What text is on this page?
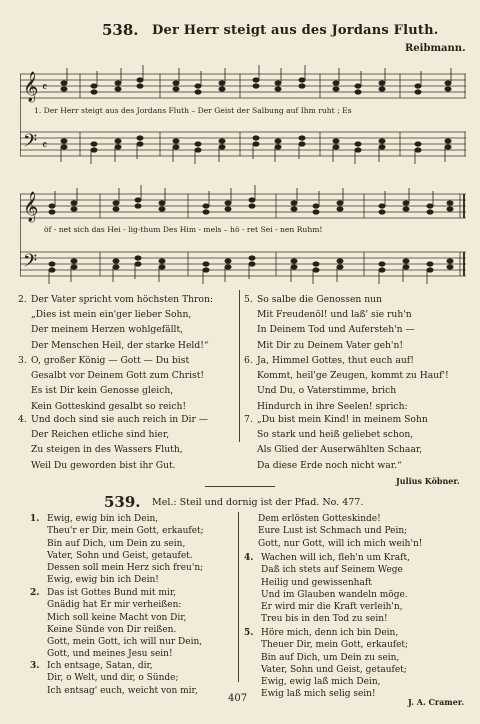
538. Der Herr steigt aus des Jordans Fluth.
Reibmann.
𝄞 𝄴
𝄢 𝄴
1. Der Herr steigt aus des Jordans Fluth – Der Geist der Salbung auf Ihm ruht ; Es
𝄞
𝄢
öf - net sich das Hei - lig-thum Des Him - mels – hö - ret Sei - nen Ruhm!
2. Der Vater spricht vom höchsten Thron:
„Dies ist mein ein'ger lieber Sohn,
Der meinem Herzen wohlgefällt,
Der Menschen Heil, der starke Held!“
3. O, großer König — Gott — Du bist
Gesalbt vor Deinem Gott zum Christ!
Es ist Dir kein Genosse gleich,
Kein Gotteskind gesalbt so reich!
4. Und doch sind sie auch reich in Dir —
Der Reichen etliche sind hier,
Zu steigen in des Wassers Fluth,
Weil Du geworden bist ihr Gut.
5. So salbe die Genossen nun
Mit Freudenöl! und laß' sie ruh'n
In Deinem Tod und Aufersteh'n —
Mit Dir zu Deinem Vater geh'n!
6. Ja, Himmel Gottes, thut euch auf!
Kommt, heil'ge Zeugen, kommt zu Hauf'!
Und Du, o Vaterstimme, brich
Hindurch in ihre Seelen! sprich:
7. „Du bist mein Kind! in meinem Sohn
So stark und heiß geliebet schon,
Als Glied der Auserwählten Schaar,
Da diese Erde noch nicht war.“
Julius Köbner.
539. Mel.: Steil und dornig ist der Pfad. No. 477.
1. Ewig, ewig bin ich Dein,
Theu'r er Dir, mein Gott, erkaufet;
Bin auf Dich, um Dein zu sein,
Vater, Sohn und Geist, getaufet.
Dessen soll mein Herz sich freu'n;
Ewig, ewig bin ich Dein!
2. Das ist Gottes Bund mit mir,
Gnädig hat Er mir verheißen:
Mich soll keine Macht von Dir,
Keine Sünde von Dir reißen.
Gott, mein Gott, ich will nur Dein,
Gott, und meines Jesu sein!
3. Ich entsage, Satan, dir,
Dir, o Welt, und dir, o Sünde;
Ich entsag' euch, weicht von mir,
Dem erlösten Gotteskinde!
Eure Lust ist Schmach und Pein;
Gott, nur Gott, will ich mich weih'n!
4. Wachen will ich, fleh'n um Kraft,
Daß ich stets auf Seinem Wege
Heilig und gewissenhaft
Und im Glauben wandeln möge.
Er wird mir die Kraft verleih'n,
Treu bis in den Tod zu sein!
5. Höre mich, denn ich bin Dein,
Theuer Dir, mein Gott, erkaufet;
Bin auf Dich, um Dein zu sein,
Vater, Sohn und Geist, getaufet;
Ewig, ewig laß mich Dein,
Ewig laß mich selig sein!
407	J. A. Cramer.
